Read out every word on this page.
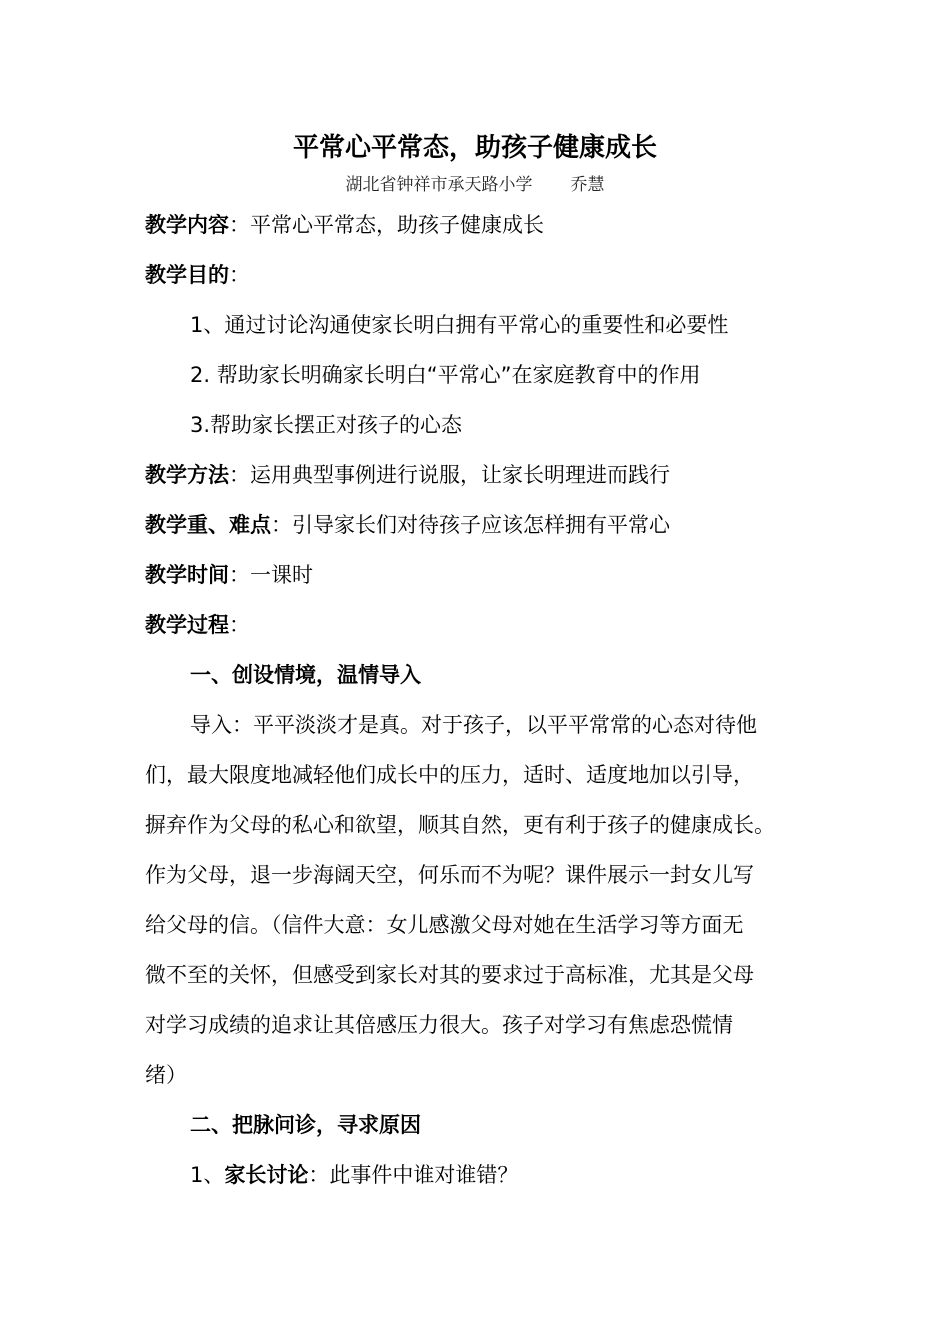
平常心平常态，助孩子健康成长
湖北省钟祥市承天路小学 乔慧
教学内容：平常心平常态，助孩子健康成长
教学目的：
1、通过讨论沟通使家长明白拥有平常心的重要性和必要性
2. 帮助家长明确家长明白“平常心”在家庭教育中的作用
3.帮助家长摆正对孩子的心态
教学方法：运用典型事例进行说服，让家长明理进而践行
教学重、难点：引导家长们对待孩子应该怎样拥有平常心
教学时间：一课时
教学过程：
一、创设情境，温情导入
导入：平平淡淡才是真。对于孩子，以平平常常的心态对待他
们，最大限度地减轻他们成长中的压力，适时、适度地加以引导，
摒弃作为父母的私心和欲望，顺其自然，更有利于孩子的健康成长。
作为父母，退一步海阔天空，何乐而不为呢？课件展示一封女儿写
给父母的信。（信件大意：女儿感激父母对她在生活学习等方面无
微不至的关怀，但感受到家长对其的要求过于高标准，尤其是父母
对学习成绩的追求让其倍感压力很大。孩子对学习有焦虑恐慌情
绪）
二、把脉问诊，寻求原因
1、家长讨论：此事件中谁对谁错？
